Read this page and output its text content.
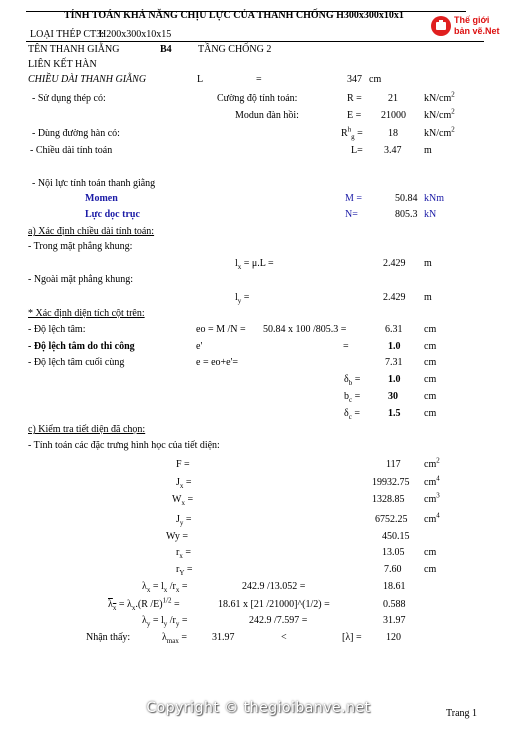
TÍNH TOÁN KHẢ NĂNG CHỊU LỰC CỦA THANH CHỐNG H300x300x10x1	Thế giới
bản vẽ.Net
LOẠI THÉP CT3:
H200x300x10x15
TÊN THANH GIẰNG	B4	TẦNG CHỐNG 2
LIÊN KẾT HÀN
CHIỀU DÀI THANH GIẰNG	L	=	347 cm
- Sử dụng thép có:	Cường độ tính toán:	R =	21	$kN/cm^2$
Modun đàn hồi:	E = 21000 $kN/cm^2$
- Dùng đường hàn có:	$R^h_g$ =	18	$kN/cm^2$
- Chiều dài tính toán	L= 3.47 m
- Nội lực tính toán thanh giằng
Momen	M =	50.84 kNm
Lực dọc trục	N=	805.3 kN
a) Xác định chiều dài tính toán:
- Trong mặt phẳng khung:
$l_x = \mu.L$ =	2.429 m
- Ngoài mặt phẳng khung:
$l_y$ =	2.429 m
* Xác định diện tích cột trên:
- Độ lệch tâm:	eo = M /N = 50.84 x 100 /805.3 =	6.31 cm
- Độ lệch tâm do thi công	e'	=	1.0 cm
- Độ lệch tâm cuối cùng	e = eo+e'=	7.31 cm
$\delta_b$ =	1.0 cm
$b_c$ =	30	cm
$\delta_c$ =	1.5 cm
c) Kiểm tra tiết diện đã chọn:
- Tính toán các đặc trưng hình học của tiết diện:
F =	117 $cm^2$
$J_x$ =	19932.75 $cm^4$
$W_x$ =	1328.85 $cm^3$
$J_y$ =	6752.25 $cm^4$
Wy =	450.15
$r_x$ =	13.05 cm
$r_Y$ =	7.60 cm
$\lambda_x = l_x$ $/r_x$ =	242.9 /13.052 =	18.61
$\lambda_x = \lambda_x.(R$ /E)$^{1/2}$ =	18.61 x [21 /21000]^(1/2) =	0.588
$\lambda_y = l_y$ $/r_y$ =	242.9 /7.597 =	31.97
Nhận thấy:	$\lambda_{max} = 31.97$	<	[λ] = 120
Copyright © thegioibanve.net	Trang 1
